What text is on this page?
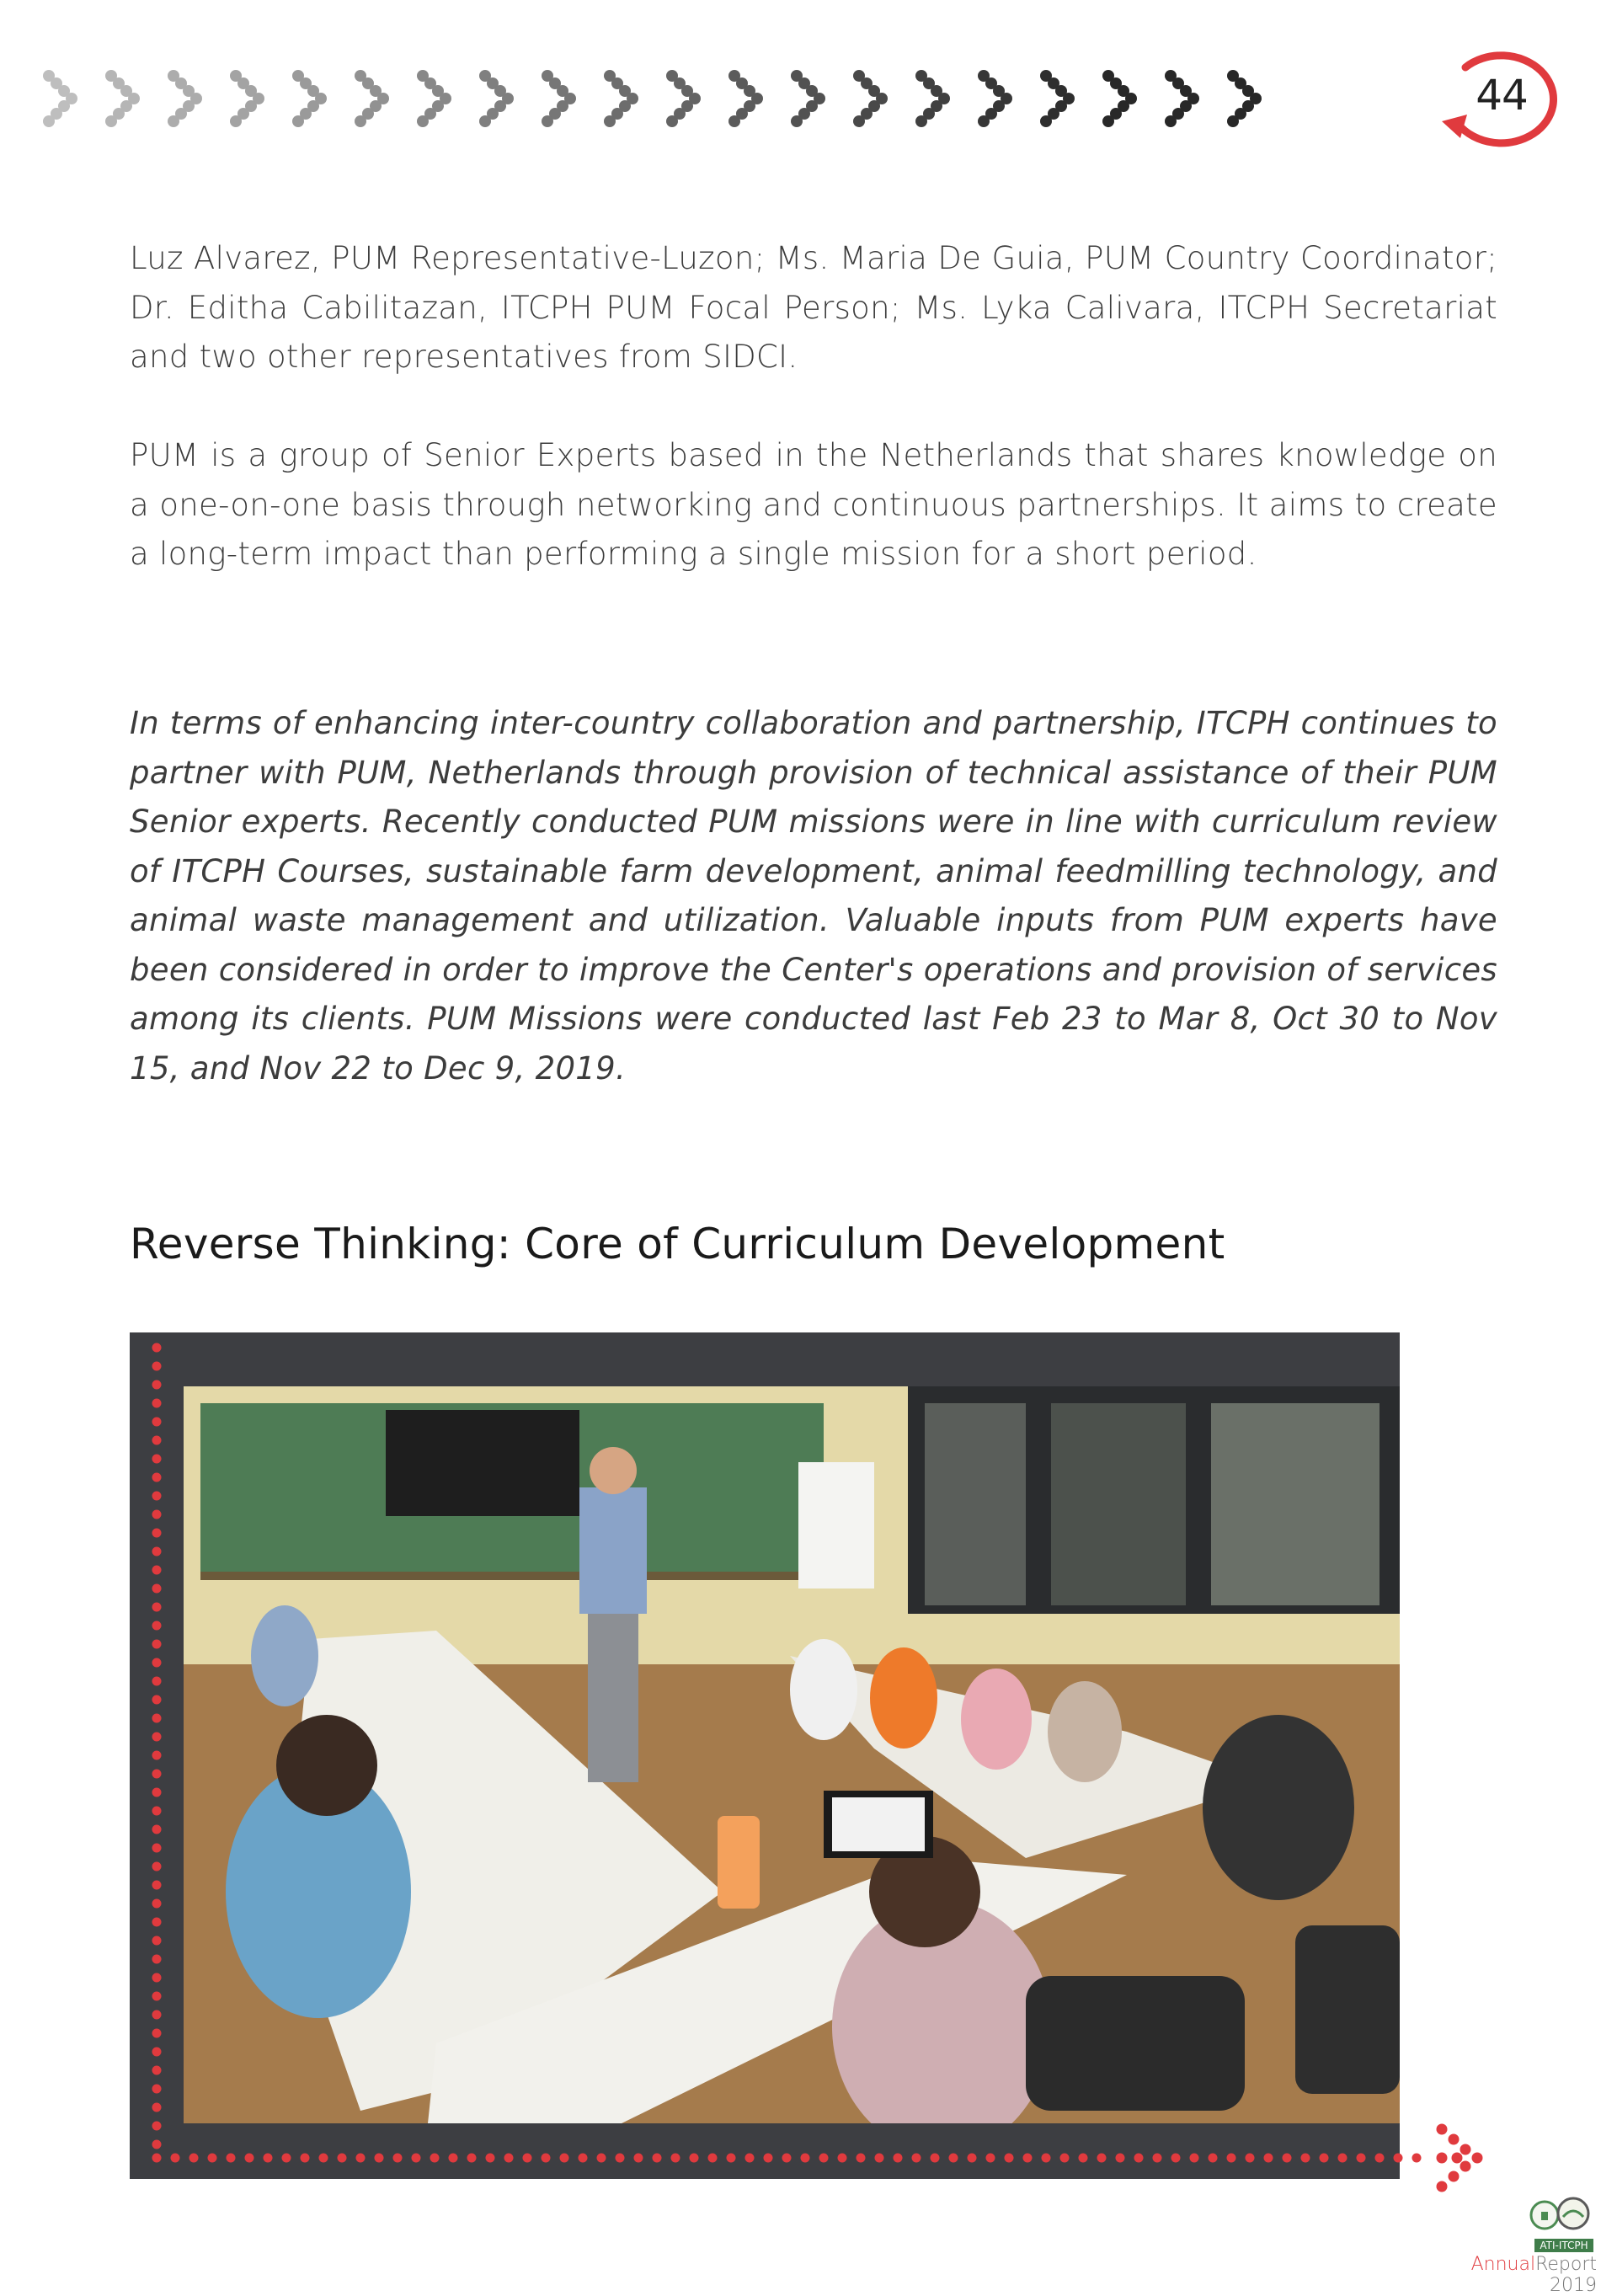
44

Luz Alvarez, PUM Representative-Luzon; Ms. Maria De Guia, PUM Country Coordinator; Dr. Editha Cabilitazan, ITCPH PUM Focal Person; Ms. Lyka Calivara, ITCPH Secretariat and two other representatives from SIDCI.

PUM is a group of Senior Experts based in the Netherlands that shares knowledge on a one-on-one basis through networking and continuous partnerships. It aims to create a long-term impact than performing a single mission for a short period.

In terms of enhancing inter-country collaboration and partnership, ITCPH continues to partner with PUM, Netherlands through provision of technical assistance of their PUM Senior experts. Recently conducted PUM missions were in line with curriculum review of ITCPH Courses, sustainable farm development, animal feedmilling technology, and animal waste management and utilization. Valuable inputs from PUM experts have been considered in order to improve the Center's operations and provision of services among its clients. PUM Missions were conducted last Feb 23 to Mar 8, Oct 30 to Nov 15, and Nov 22 to Dec 9, 2019.

Reverse Thinking: Core of Curriculum Development
ATI-ITCPH
AnnualReport 2019
